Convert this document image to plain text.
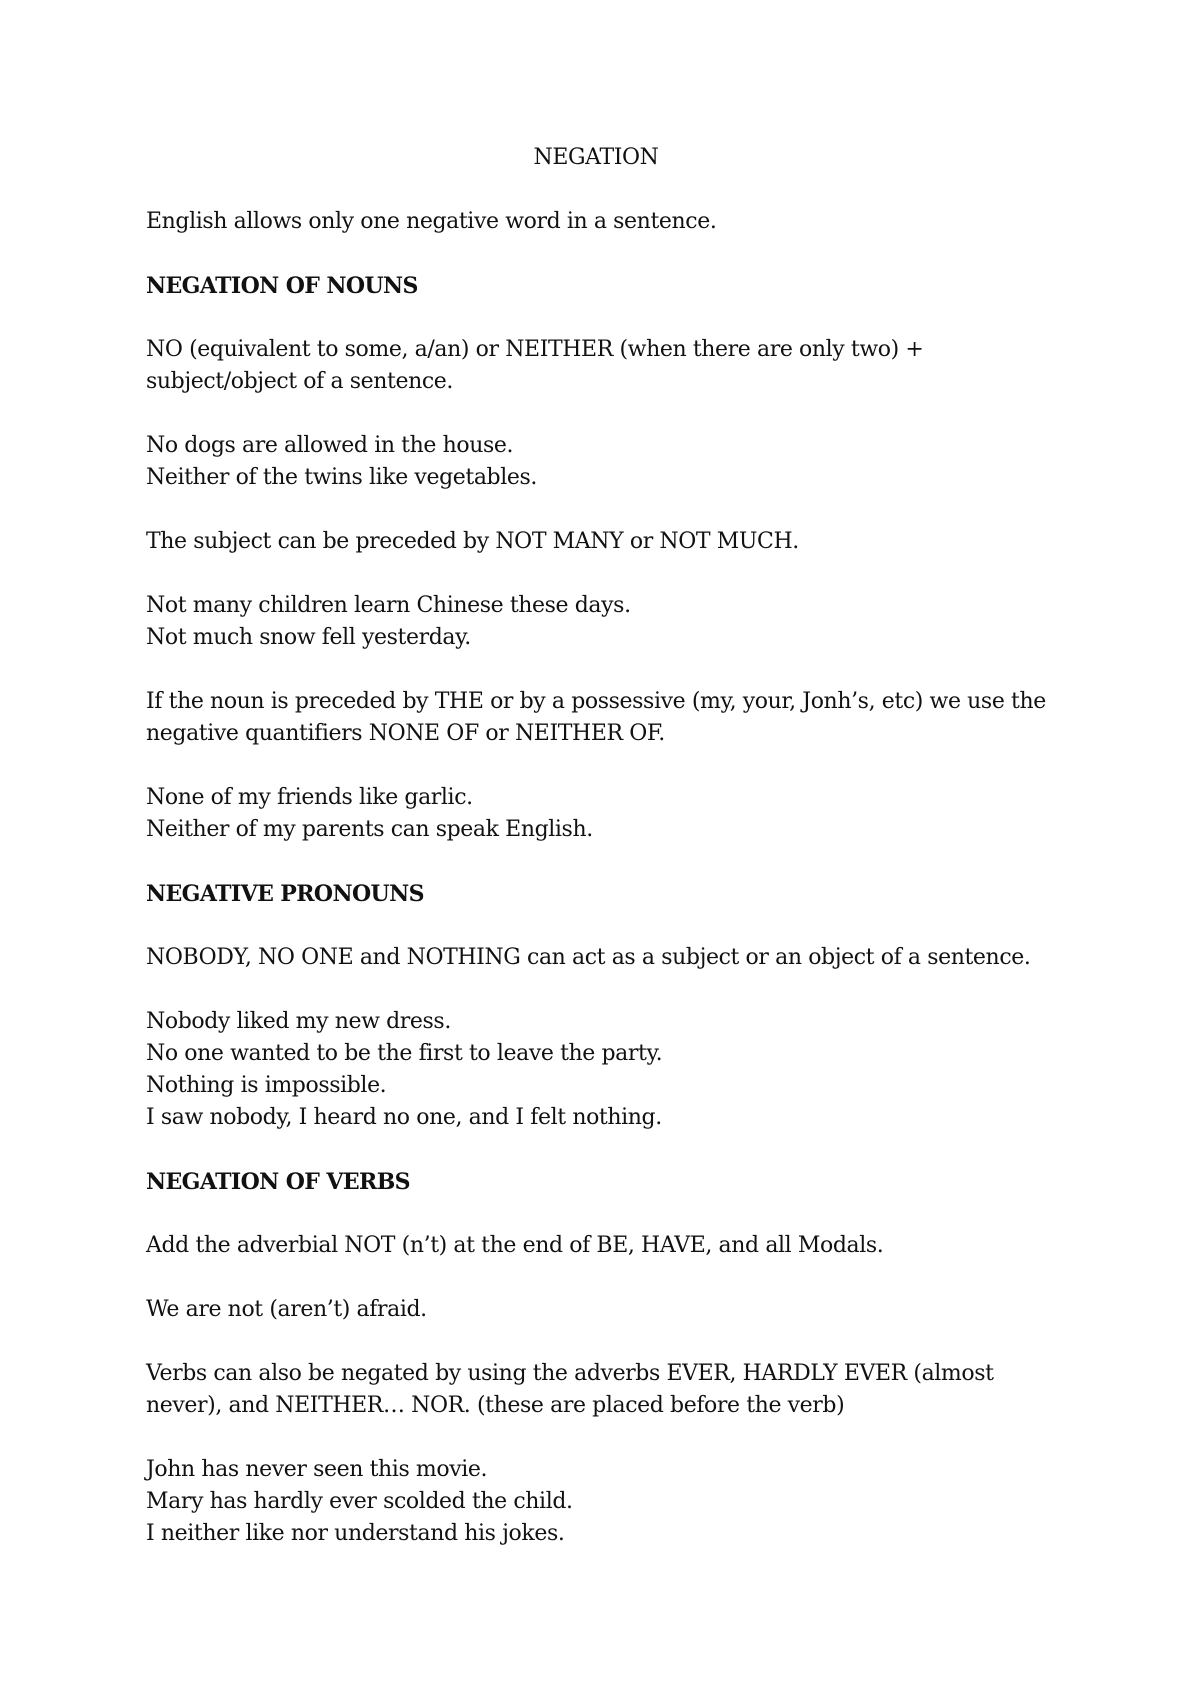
NEGATION
English allows only one negative word in a sentence.
NEGATION OF NOUNS
NO (equivalent to some, a/an) or NEITHER (when there are only two) +
subject/object of a sentence.
No dogs are allowed in the house.
Neither of the twins like vegetables.
The subject can be preceded by NOT MANY or NOT MUCH.
Not many children learn Chinese these days.
Not much snow fell yesterday.
If the noun is preceded by THE or by a possessive (my, your, Jonh’s, etc) we use the
negative quantifiers NONE OF or NEITHER OF.
None of my friends like garlic.
Neither of my parents can speak English.
NEGATIVE PRONOUNS
NOBODY, NO ONE and NOTHING can act as a subject or an object of a sentence.
Nobody liked my new dress.
No one wanted to be the first to leave the party.
Nothing is impossible.
I saw nobody, I heard no one, and I felt nothing.
NEGATION OF VERBS
Add the adverbial NOT (n’t) at the end of BE, HAVE, and all Modals.
We are not (aren’t) afraid.
Verbs can also be negated by using the adverbs EVER, HARDLY EVER (almost
never), and NEITHER… NOR. (these are placed before the verb)
John has never seen this movie.
Mary has hardly ever scolded the child.
I neither like nor understand his jokes.
